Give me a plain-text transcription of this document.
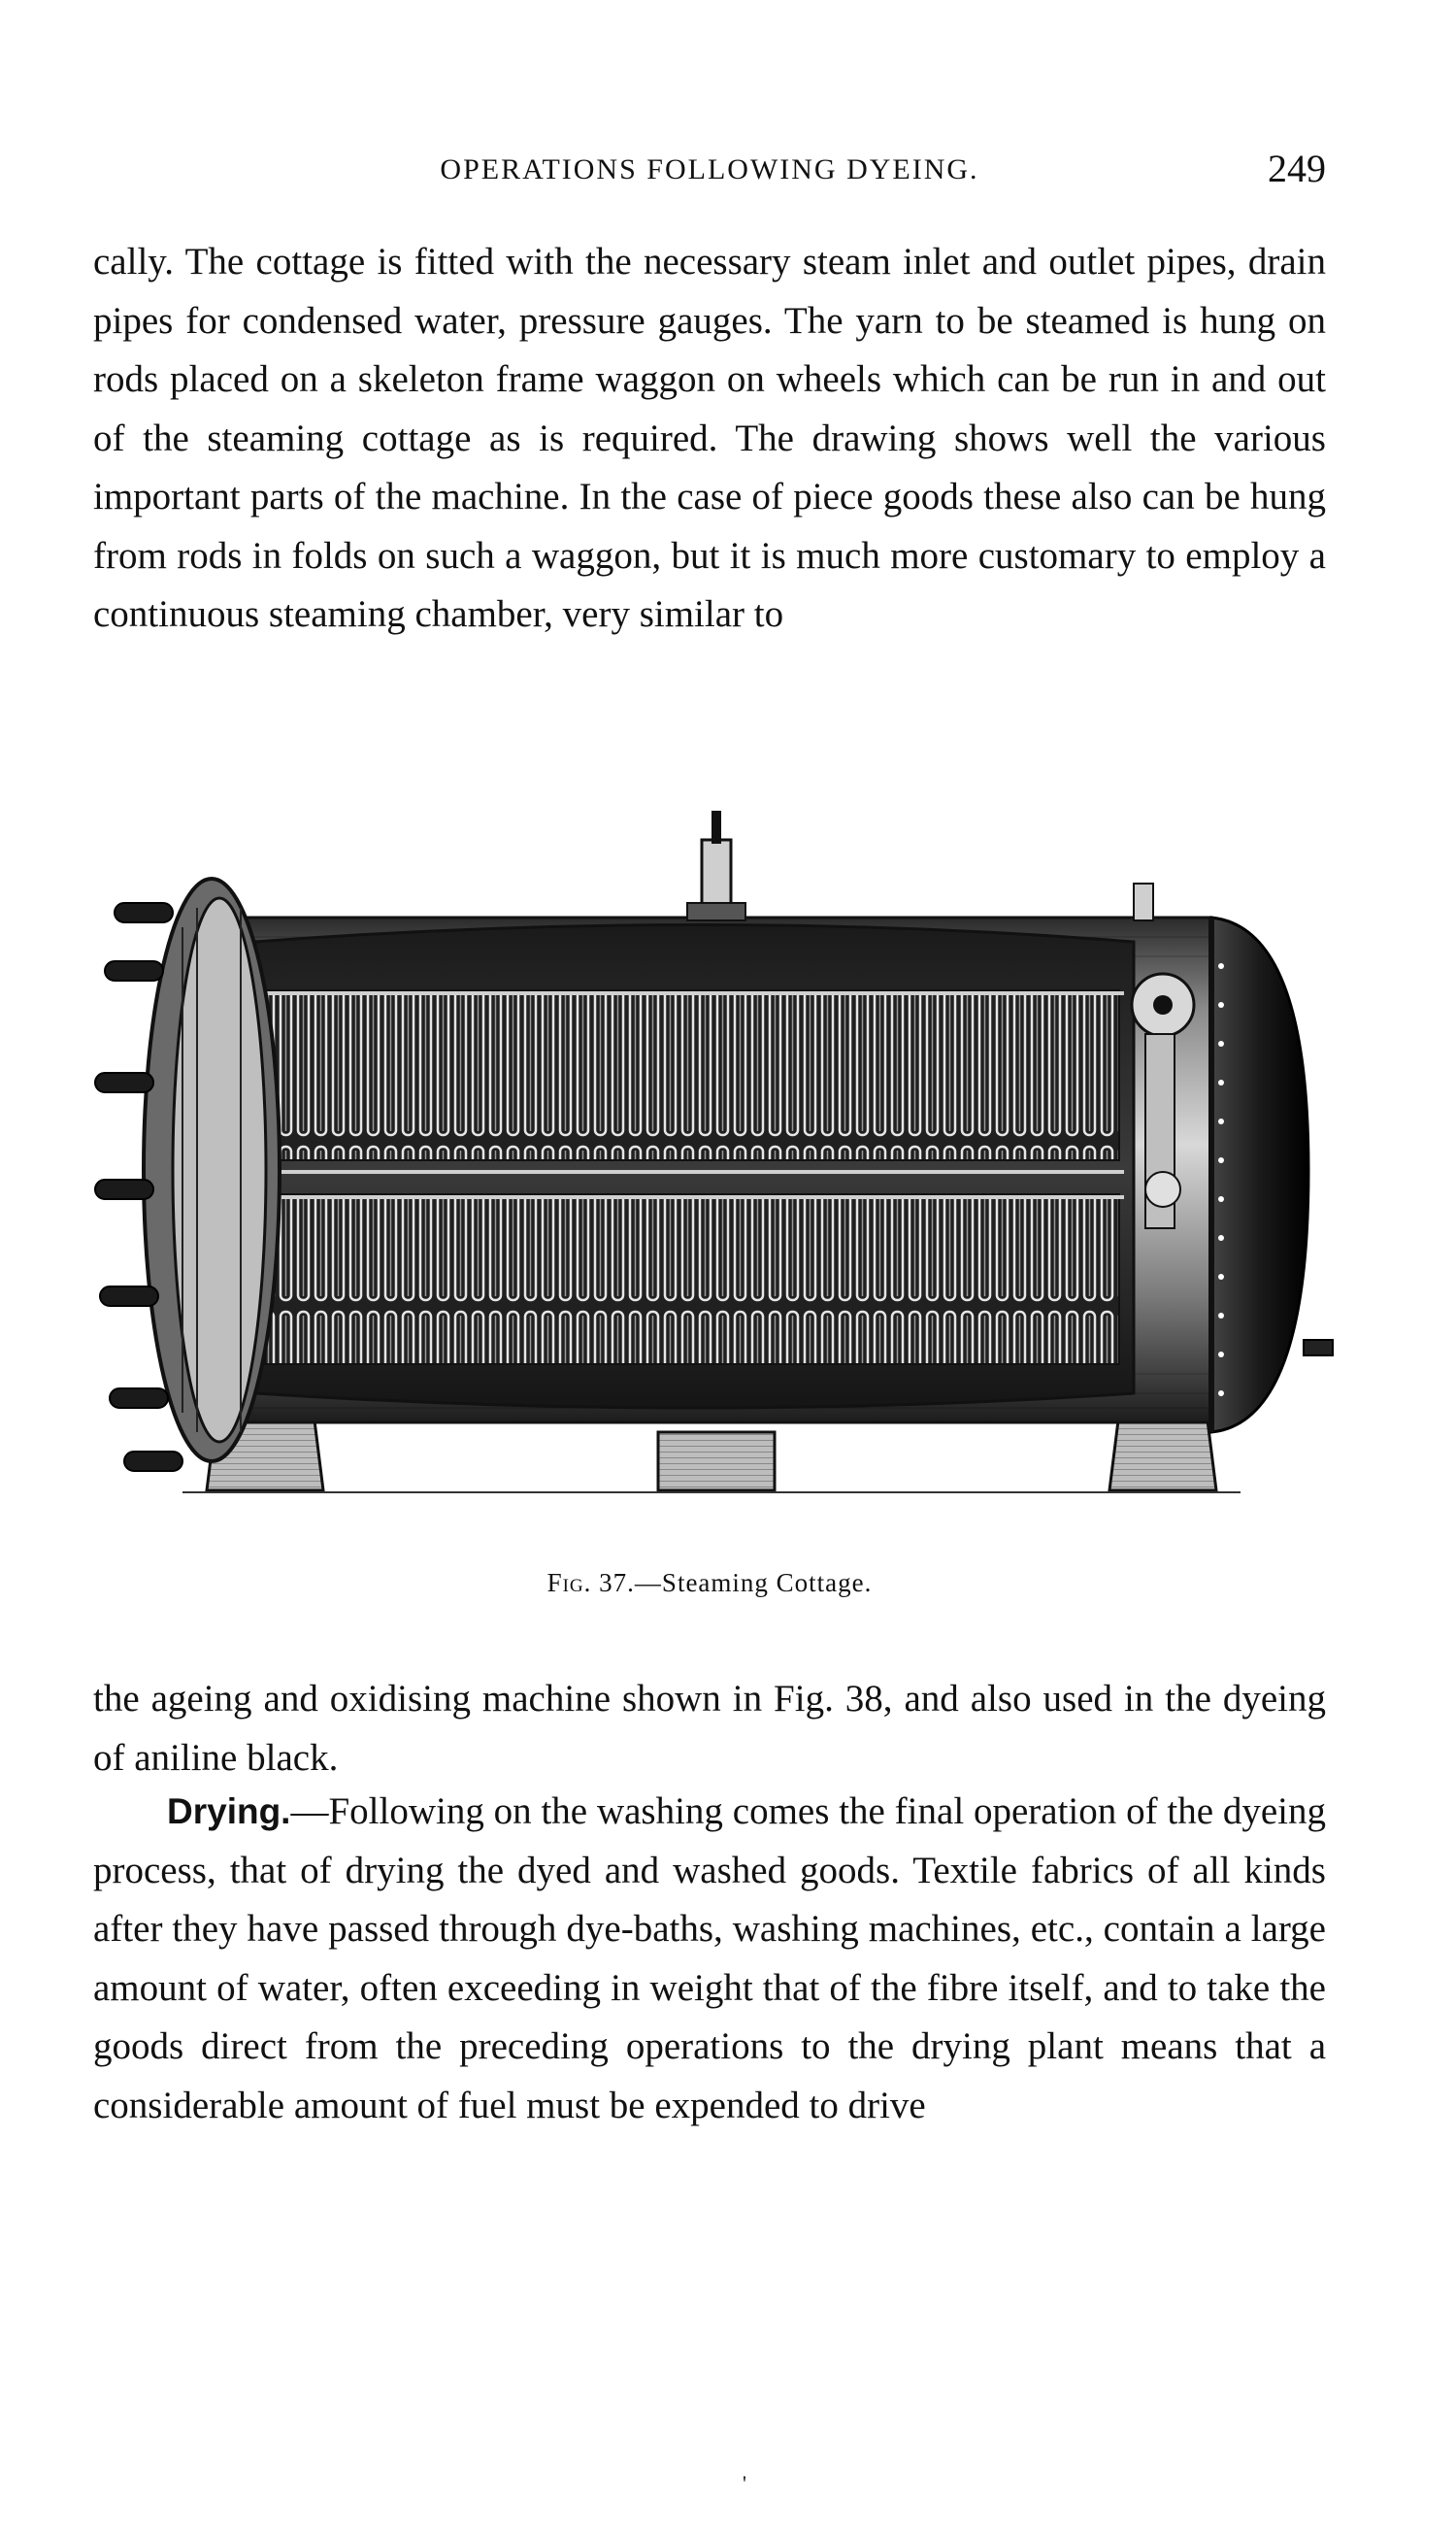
OPERATIONS FOLLOWING DYEING.	249

cally. The cottage is fitted with the necessary steam inlet and outlet pipes, drain pipes for condensed water, pressure gauges. The yarn to be steamed is hung on rods placed on a skeleton frame waggon on wheels which can be run in and out of the steaming cottage as is required. The drawing shows well the various important parts of the machine. In the case of piece goods these also can be hung from rods in folds on such a waggon, but it is much more customary to employ a continuous steaming chamber, very similar to

Fig. 37.—Steaming Cottage.

the ageing and oxidising machine shown in Fig. 38, and also used in the dyeing of aniline black.

Drying.—Following on the washing comes the final operation of the dyeing process, that of drying the dyed and washed goods. Textile fabrics of all kinds after they have passed through dye-baths, washing machines, etc., contain a large amount of water, often exceeding in weight that of the fibre itself, and to take the goods direct from the preceding operations to the drying plant means that a considerable amount of fuel must be expended to drive

'
